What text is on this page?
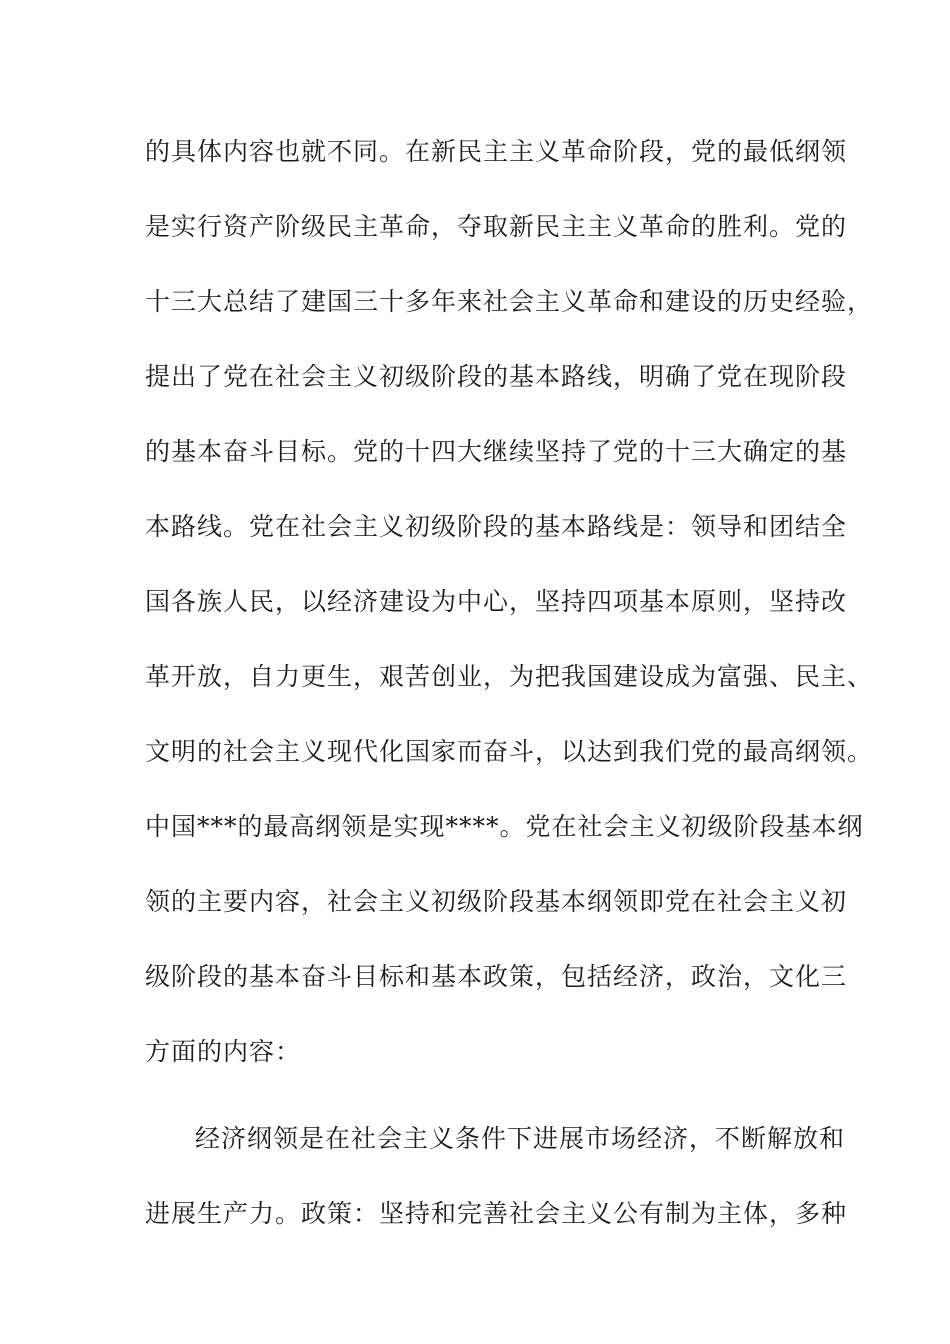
的具体内容也就不同。在新民主主义革命阶段，党的最低纲领
是实行资产阶级民主革命，夺取新民主主义革命的胜利。党的
十三大总结了建国三十多年来社会主义革命和建设的历史经验，
提出了党在社会主义初级阶段的基本路线，明确了党在现阶段
的基本奋斗目标。党的十四大继续坚持了党的十三大确定的基
本路线。党在社会主义初级阶段的基本路线是：领导和团结全
国各族人民，以经济建设为中心，坚持四项基本原则，坚持改
革开放，自力更生，艰苦创业，为把我国建设成为富强、民主、
文明的社会主义现代化国家而奋斗，以达到我们党的最高纲领。
中国***的最高纲领是实现****。党在社会主义初级阶段基本纲
领的主要内容，社会主义初级阶段基本纲领即党在社会主义初
级阶段的基本奋斗目标和基本政策，包括经济，政治，文化三
方面的内容：
经济纲领是在社会主义条件下进展市场经济，不断解放和
进展生产力。政策：坚持和完善社会主义公有制为主体，多种
